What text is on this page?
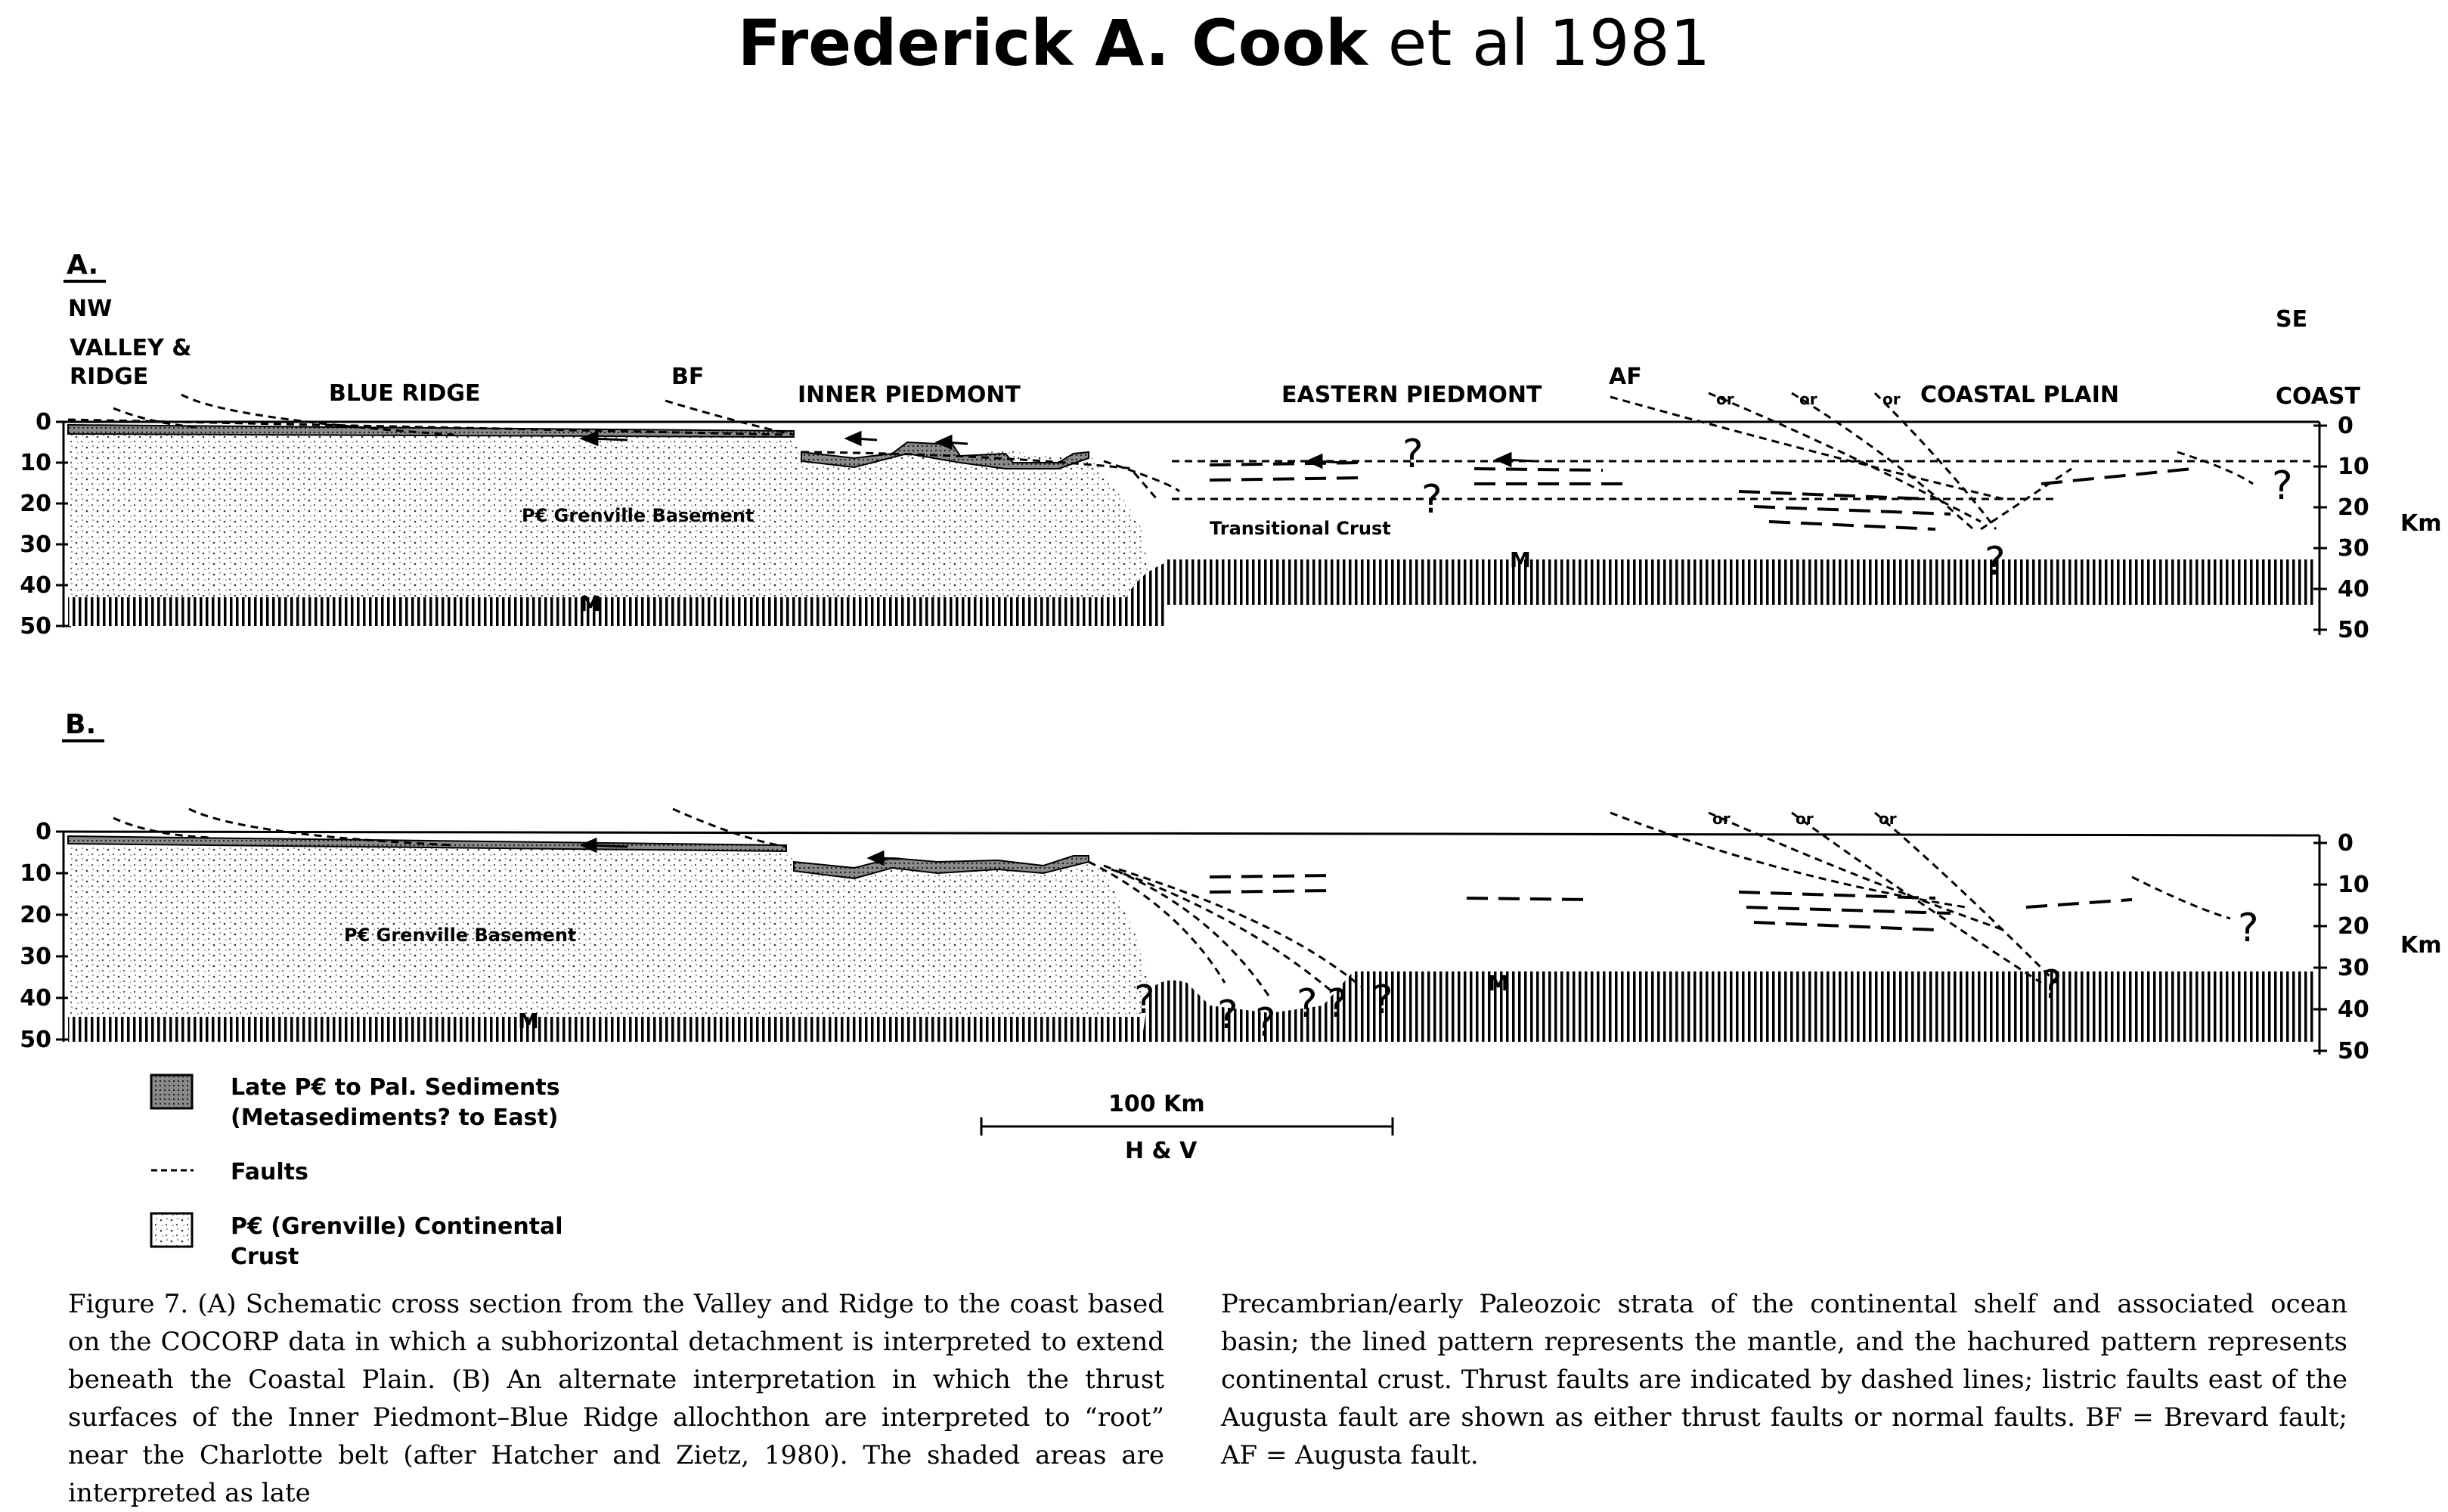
Frederick A. Cook et al 1981
A.
NW	SE
VALLEY &
RIDGE
BLUE RIDGE
BF
INNER PIEDMONT	EASTERN PIEDMONT
AF
COASTAL PLAIN	COAST
0
10
20
30
40
50
0
10
20
30
40
50
Km
?
?
?
?
or	or	or
P€ Grenville Basement
Transitional Crust
M
M
B.
0
10
20
30
40
50
0
10
20
30
40
50
Km
? ? ? ? ? ?	?
?
or	or	or
P€ Grenville Basement
M
M
Late P€ to Pal. Sediments
(Metasediments? to East)
Faults
P€ (Grenville) Continental
Crust
100 Km
H & V
Figure 7. (A) Schematic cross section from the Valley and Ridge to the coast based on the COCORP data in which a subhorizontal detachment is interpreted to extend beneath the Coastal Plain. (B) An alternate interpretation in which the thrust surfaces of the Inner Piedmont–Blue Ridge allochthon are interpreted to “root” near the Charlotte belt (after Hatcher and Zietz, 1980). The shaded areas are interpreted as late
Precambrian/early Paleozoic strata of the continental shelf and associated ocean basin; the lined pattern represents the mantle, and the hachured pattern represents continental crust. Thrust faults are indicated by dashed lines; listric faults east of the Augusta fault are shown as either thrust faults or normal faults. BF = Brevard fault; AF = Augusta fault.
